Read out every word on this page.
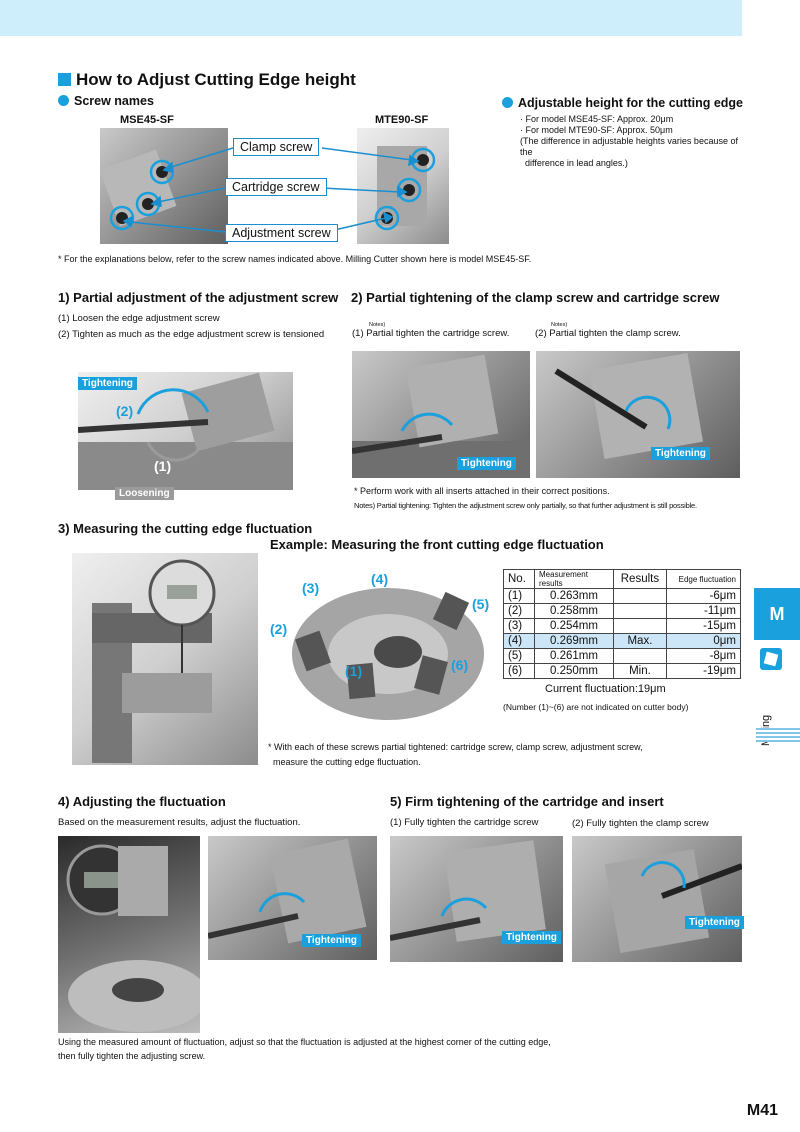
How to Adjust Cutting Edge height
Screw names
MSE45-SF	MTE90-SF
Clamp screw
Cartridge screw
Adjustment screw
* For the explanations below, refer to the screw names indicated above. Milling Cutter shown here is model MSE45-SF.
Adjustable height for the cutting edge
· For model MSE45-SF: Approx. 20μm
· For model MTE90-SF: Approx. 50μm
(The difference in adjustable heights varies because of the
difference in lead angles.)
1) Partial adjustment of the adjustment screw
(1) Loosen the edge adjustment screw
(2) Tighten as much as the edge adjustment screw is tensioned
Tightening
(2)
(1)
Loosening
2) Partial tightening of the clamp screw and cartridge screw
Notes)	Notes)
(1) Partial tighten the cartridge screw.	(2) Partial tighten the clamp screw.
Tightening
Tightening
* Perform work with all inserts attached in their correct positions.
Notes) Partial tightening: Tighten the adjustment screw only partially, so that further adjustment is still possible.
3) Measuring the cutting edge fluctuation
Example: Measuring the front cutting edge fluctuation
(3)
(4)
(5)
(2)
(1)	(6)
No.	Measurement results	Results	Edge fluctuation
(1)	0.263mm		-6μm
(2)	0.258mm		-11μm
(3)	0.254mm		-15μm
(4)	0.269mm	Max.	0μm
(5)	0.261mm		-8μm
(6)	0.250mm	Min.	-19μm
Current fluctuation:19μm
(Number (1)~(6) are not indicated on cutter body)
* With each of these screws partial tightened: cartridge screw, clamp screw, adjustment screw,
measure the cutting edge fluctuation.
4) Adjusting the fluctuation
Based on the measurement results, adjust the fluctuation.
Tightening
Using the measured amount of fluctuation, adjust so that the fluctuation is adjusted at the highest corner of the cutting edge,
then fully tighten the adjusting screw.
5) Firm tightening of the cartridge and insert
(1) Fully tighten the cartridge screw	(2) Fully tighten the clamp screw
Tightening
Tightening
M
M41
